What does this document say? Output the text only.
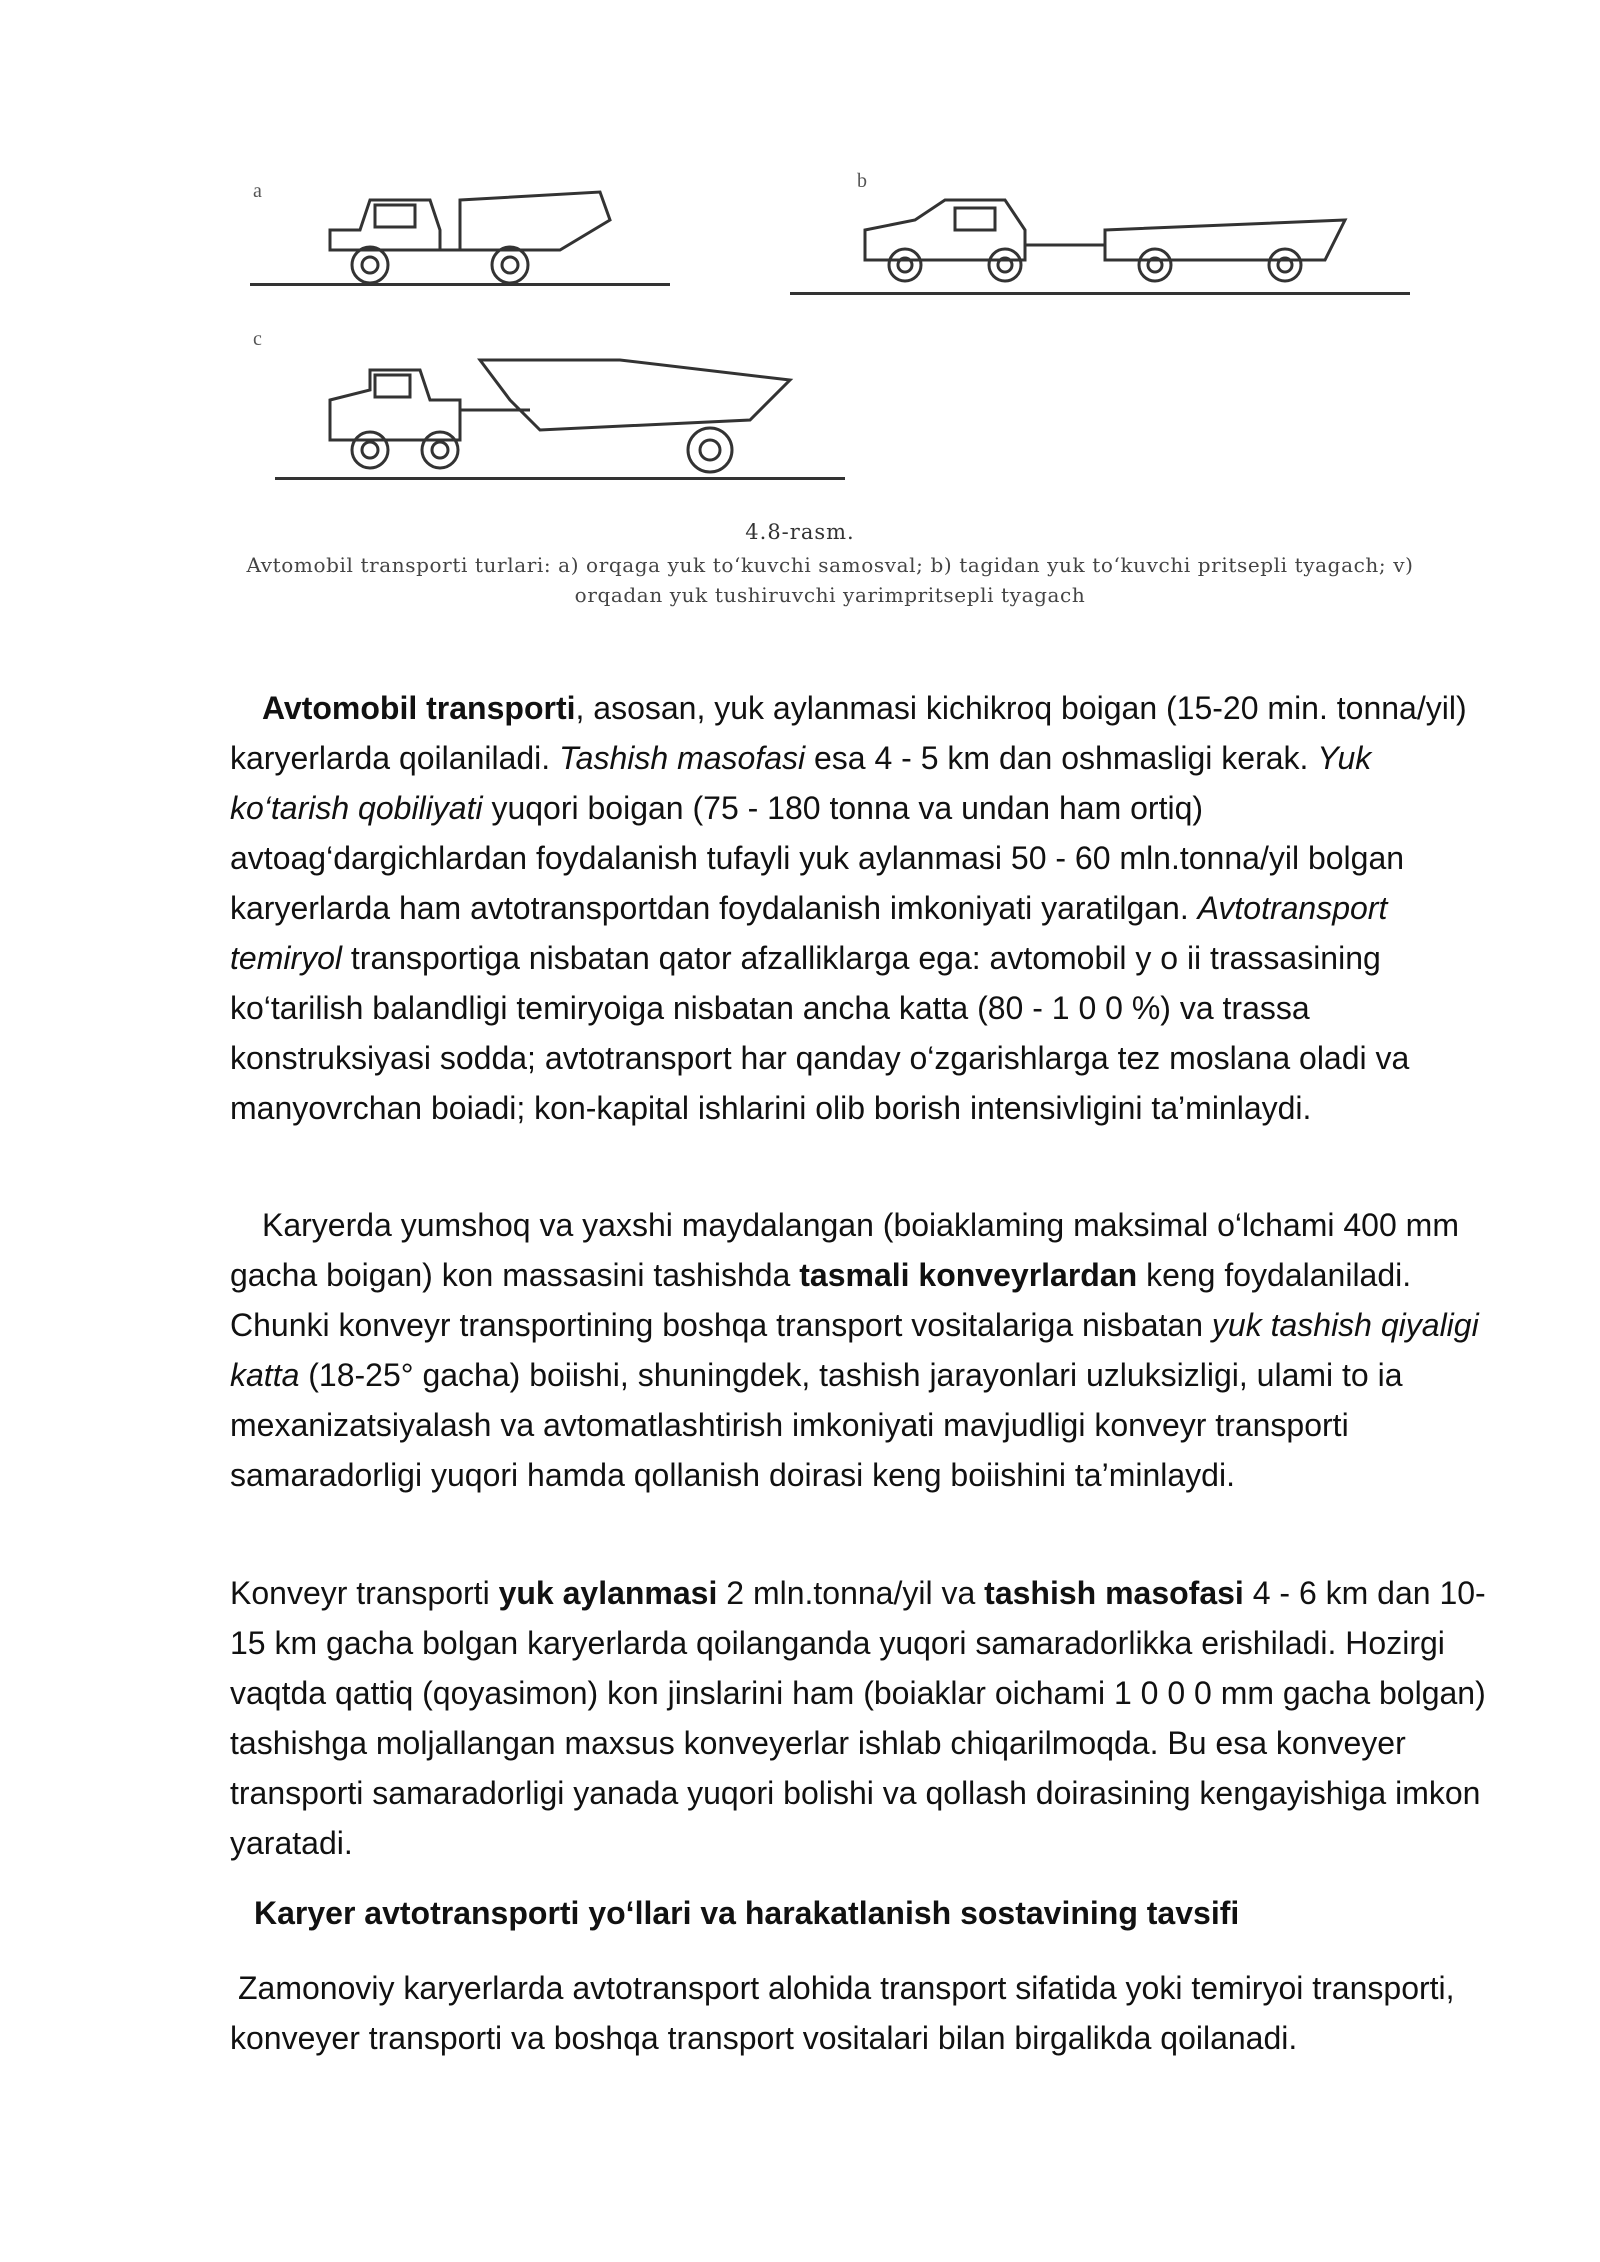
a	b
c
4.8-rasm.
Avtomobil transporti turlari: a) orqaga yuk to‘kuvchi samosval; b) tagidan yuk to‘kuvchi pritsepli tyagach; v) orqadan yuk tushiruvchi yarimpritsepli tyagach
Avtomobil transporti, asosan, yuk aylanmasi kichikroq boigan (15-20 min. tonna/yil) karyerlarda qoilaniladi. Tashish masofasi esa 4 - 5 km dan oshmasligi kerak. Yuk ko‘tarish qobiliyati yuqori boigan (75 - 180 tonna va undan ham ortiq) avtoag‘dargichlardan foydalanish tufayli yuk aylanmasi 50 - 60 mln.tonna/yil bolgan karyerlarda ham avtotransportdan foydalanish imkoniyati yaratilgan. Avtotransport temiryol transportiga nisbatan qator afzalliklarga ega: avtomobil y o ii trassasining ko‘tarilish balandligi temiryoiga nisbatan ancha katta (80 - 1 0 0 %) va trassa konstruksiyasi sodda; avtotransport har qanday o‘zgarishlarga tez moslana oladi va manyovrchan boiadi; kon-kapital ishlarini olib borish intensivligini ta’minlaydi.
Karyerda yumshoq va yaxshi maydalangan (boiaklaming maksimal o‘lchami 400 mm gacha boigan) kon massasini tashishda tasmali konveyrlardan keng foydalaniladi. Chunki konveyr transportining boshqa transport vositalariga nisbatan yuk tashish qiyaligi katta (18-25° gacha) boiishi, shuningdek, tashish jarayonlari uzluksizligi, ulami to ia mexanizatsiyalash va avtomatlashtirish imkoniyati mavjudligi konveyr transporti samaradorligi yuqori hamda qollanish doirasi keng boiishini ta’minlaydi.
Konveyr transporti yuk aylanmasi 2 mln.tonna/yil va tashish masofasi 4 - 6 km dan 10-15 km gacha bolgan karyerlarda qoilanganda yuqori samaradorlikka erishiladi. Hozirgi vaqtda qattiq (qoyasimon) kon jinslarini ham (boiaklar oichami 1 0 0 0 mm gacha bolgan) tashishga moljallangan maxsus konveyerlar ishlab chiqarilmoqda. Bu esa konveyer transporti samaradorligi yanada yuqori bolishi va qollash doirasining kengayishiga imkon yaratadi.
Karyer avtotransporti yo‘llari va harakatlanish sostavining tavsifi
Zamonoviy karyerlarda avtotransport alohida transport sifatida yoki temiryoi transporti, konveyer transporti va boshqa transport vositalari bilan birgalikda qoilanadi.
